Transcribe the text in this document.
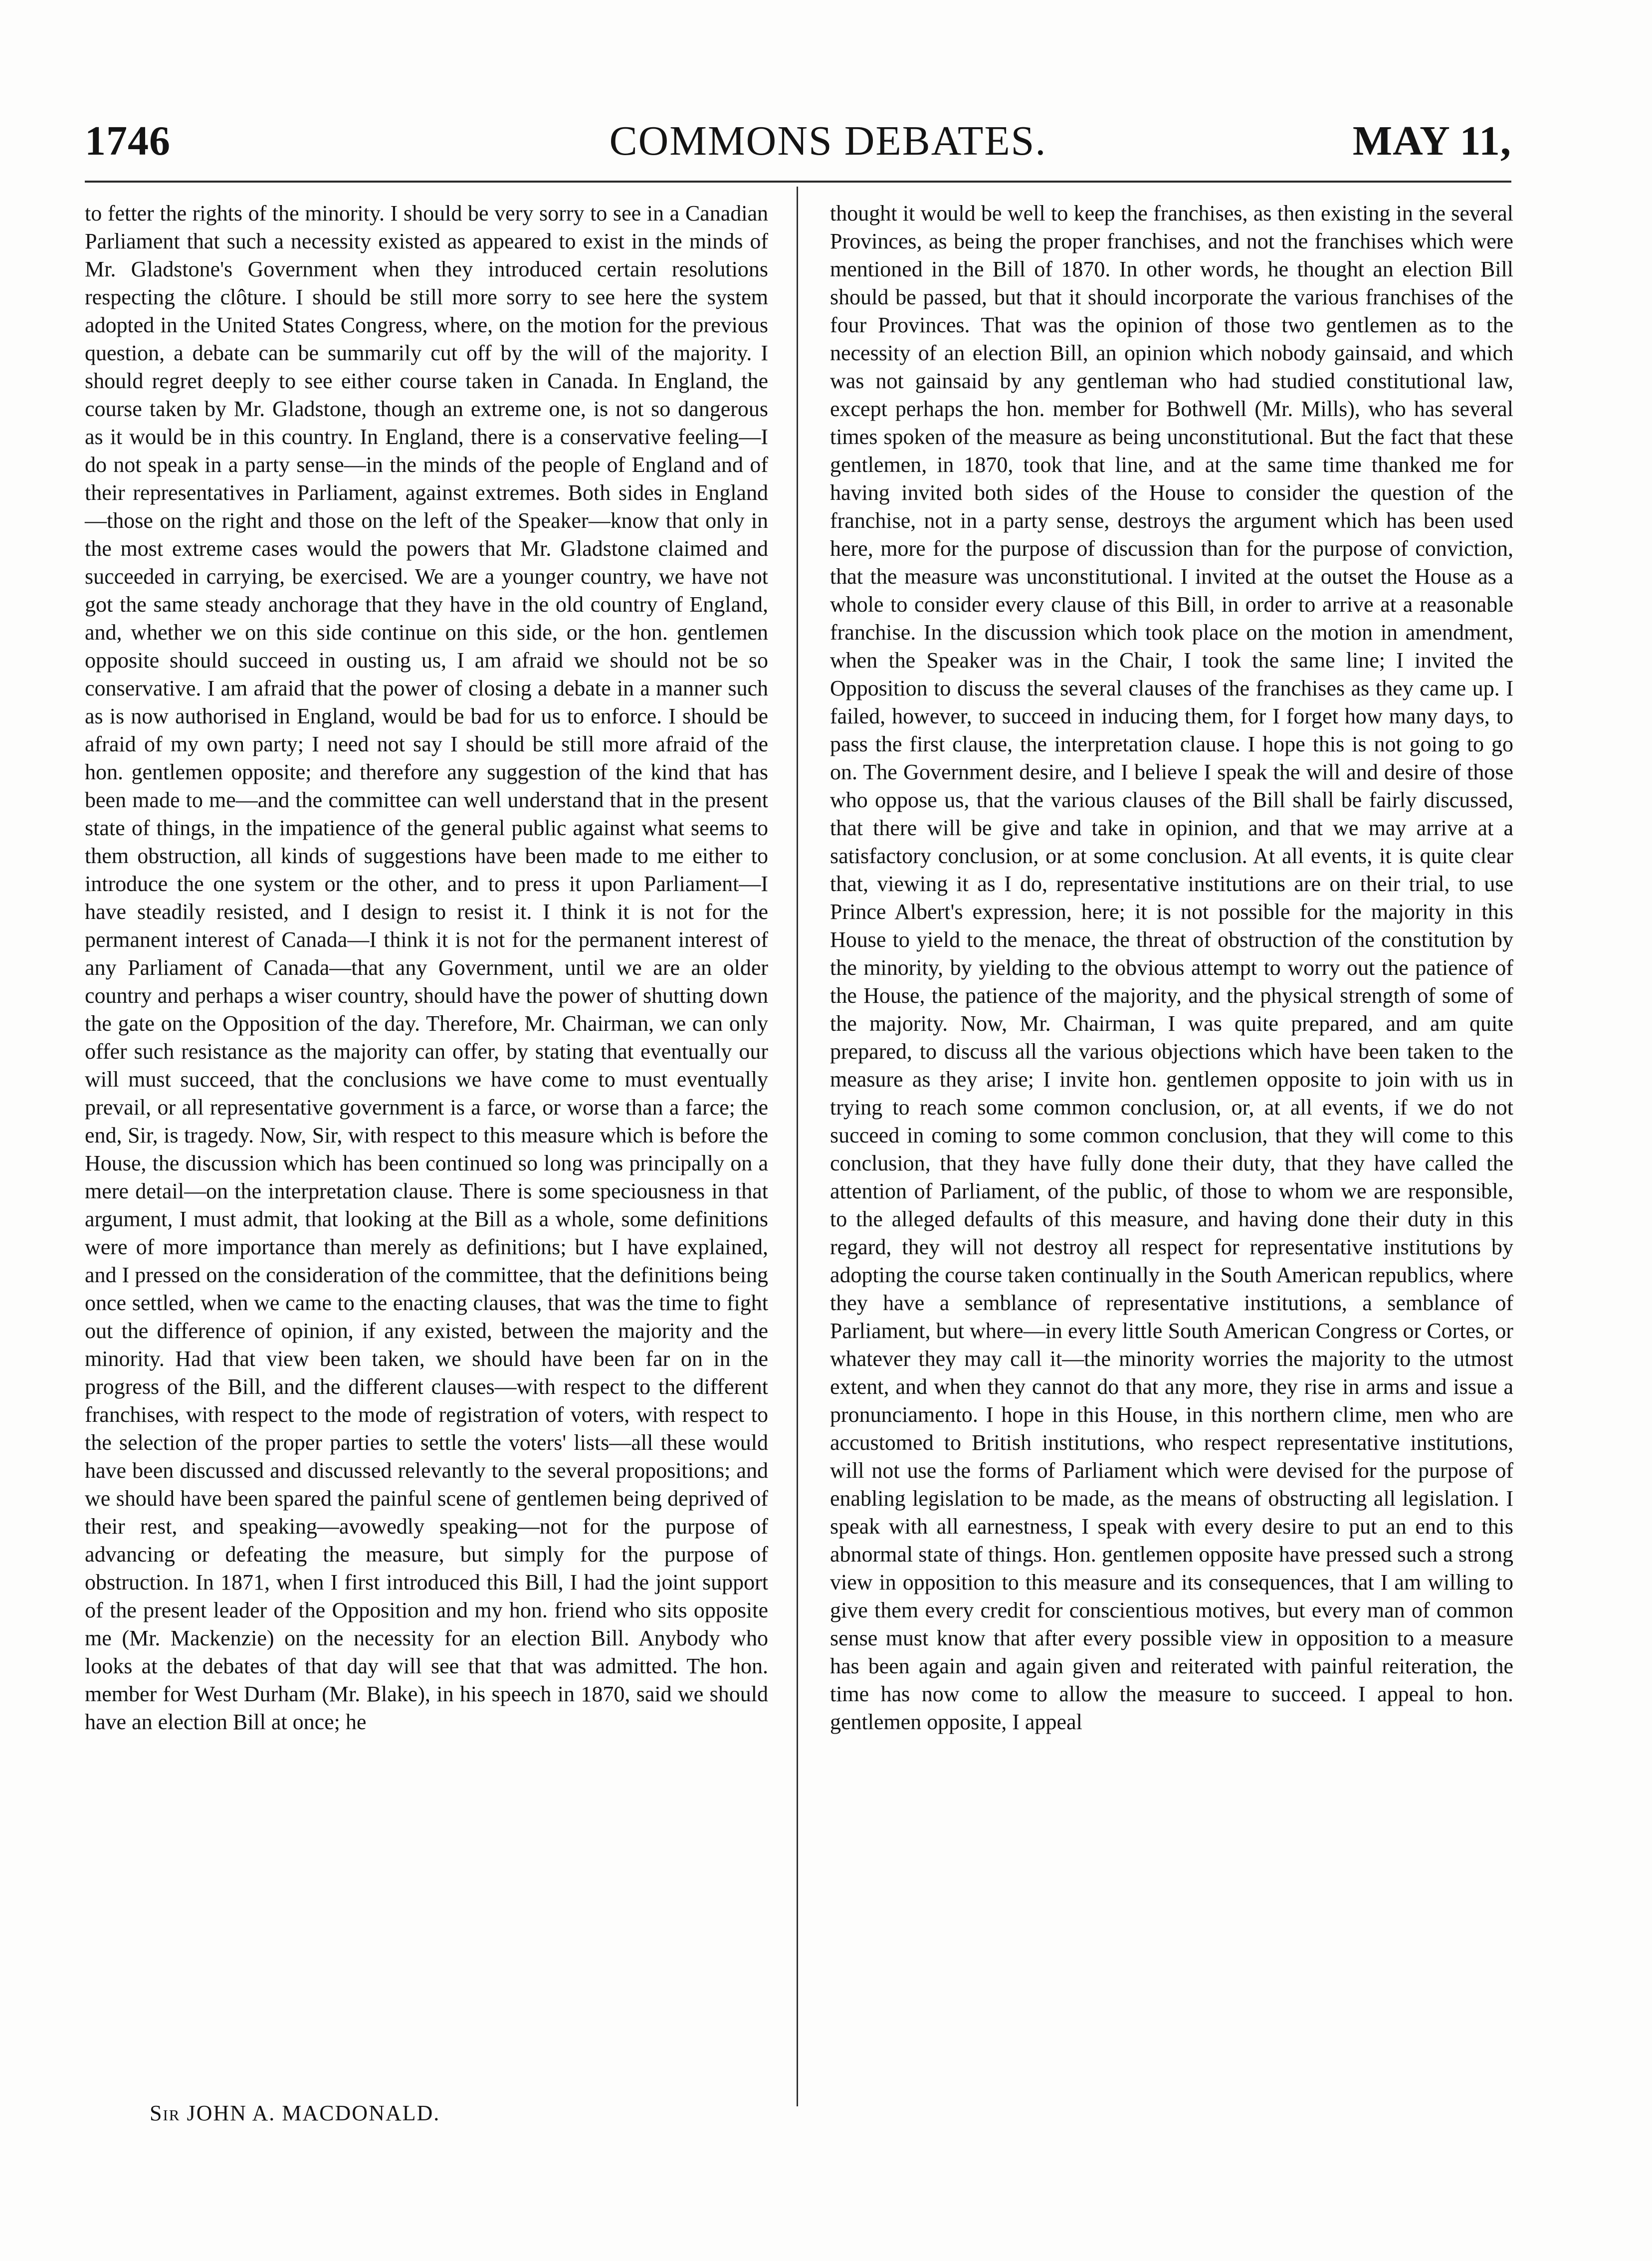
1746	COMMONS DEBATES.	MAY 11,

to fetter the rights of the minority. I should be very sorry to see in a Canadian Parliament that such a necessity existed as appeared to exist in the minds of Mr. Gladstone's Government when they introduced certain resolutions respecting the clôture. I should be still more sorry to see here the system adopted in the United States Congress, where, on the motion for the previous question, a debate can be summarily cut off by the will of the majority. I should regret deeply to see either course taken in Canada. In England, the course taken by Mr. Gladstone, though an extreme one, is not so dangerous as it would be in this country. In England, there is a conservative feeling—I do not speak in a party sense—in the minds of the people of England and of their representatives in Parliament, against extremes. Both sides in England—those on the right and those on the left of the Speaker—know that only in the most extreme cases would the powers that Mr. Gladstone claimed and succeeded in carrying, be exercised. We are a younger country, we have not got the same steady anchorage that they have in the old country of England, and, whether we on this side continue on this side, or the hon. gentlemen opposite should succeed in ousting us, I am afraid we should not be so conservative. I am afraid that the power of closing a debate in a manner such as is now authorised in England, would be bad for us to enforce. I should be afraid of my own party; I need not say I should be still more afraid of the hon. gentlemen opposite; and therefore any suggestion of the kind that has been made to me—and the committee can well understand that in the present state of things, in the impatience of the general public against what seems to them obstruction, all kinds of suggestions have been made to me either to introduce the one system or the other, and to press it upon Parliament—I have steadily resisted, and I design to resist it. I think it is not for the permanent interest of Canada—I think it is not for the permanent interest of any Parliament of Canada—that any Government, until we are an older country and perhaps a wiser country, should have the power of shutting down the gate on the Opposition of the day. Therefore, Mr. Chairman, we can only offer such resistance as the majority can offer, by stating that eventually our will must succeed, that the conclusions we have come to must eventually prevail, or all representative government is a farce, or worse than a farce; the end, Sir, is tragedy. Now, Sir, with respect to this measure which is before the House, the discussion which has been continued so long was principally on a mere detail—on the interpretation clause. There is some speciousness in that argument, I must admit, that looking at the Bill as a whole, some definitions were of more importance than merely as definitions; but I have explained, and I pressed on the consideration of the committee, that the definitions being once settled, when we came to the enacting clauses, that was the time to fight out the difference of opinion, if any existed, between the majority and the minority. Had that view been taken, we should have been far on in the progress of the Bill, and the different clauses—with respect to the different franchises, with respect to the mode of registration of voters, with respect to the selection of the proper parties to settle the voters' lists—all these would have been discussed and discussed relevantly to the several propositions; and we should have been spared the painful scene of gentlemen being deprived of their rest, and speaking—avowedly speaking—not for the purpose of advancing or defeating the measure, but simply for the purpose of obstruction. In 1871, when I first introduced this Bill, I had the joint support of the present leader of the Opposition and my hon. friend who sits opposite me (Mr. Mackenzie) on the necessity for an election Bill. Anybody who looks at the debates of that day will see that that was admitted. The hon. member for West Durham (Mr. Blake), in his speech in 1870, said we should have an election Bill at once; he

thought it would be well to keep the franchises, as then existing in the several Provinces, as being the proper franchises, and not the franchises which were mentioned in the Bill of 1870. In other words, he thought an election Bill should be passed, but that it should incorporate the various franchises of the four Provinces. That was the opinion of those two gentlemen as to the necessity of an election Bill, an opinion which nobody gainsaid, and which was not gainsaid by any gentleman who had studied constitutional law, except perhaps the hon. member for Bothwell (Mr. Mills), who has several times spoken of the measure as being unconstitutional. But the fact that these gentlemen, in 1870, took that line, and at the same time thanked me for having invited both sides of the House to consider the question of the franchise, not in a party sense, destroys the argument which has been used here, more for the purpose of discussion than for the purpose of conviction, that the measure was unconstitutional. I invited at the outset the House as a whole to consider every clause of this Bill, in order to arrive at a reasonable franchise. In the discussion which took place on the motion in amendment, when the Speaker was in the Chair, I took the same line; I invited the Opposition to discuss the several clauses of the franchises as they came up. I failed, however, to succeed in inducing them, for I forget how many days, to pass the first clause, the interpretation clause. I hope this is not going to go on. The Government desire, and I believe I speak the will and desire of those who oppose us, that the various clauses of the Bill shall be fairly discussed, that there will be give and take in opinion, and that we may arrive at a satisfactory conclusion, or at some conclusion. At all events, it is quite clear that, viewing it as I do, representative institutions are on their trial, to use Prince Albert's expression, here; it is not possible for the majority in this House to yield to the menace, the threat of obstruction of the constitution by the minority, by yielding to the obvious attempt to worry out the patience of the House, the patience of the majority, and the physical strength of some of the majority. Now, Mr. Chairman, I was quite prepared, and am quite prepared, to discuss all the various objections which have been taken to the measure as they arise; I invite hon. gentlemen opposite to join with us in trying to reach some common conclusion, or, at all events, if we do not succeed in coming to some common conclusion, that they will come to this conclusion, that they have fully done their duty, that they have called the attention of Parliament, of the public, of those to whom we are responsible, to the alleged defaults of this measure, and having done their duty in this regard, they will not destroy all respect for representative institutions by adopting the course taken continually in the South American republics, where they have a semblance of representative institutions, a semblance of Parliament, but where—in every little South American Congress or Cortes, or whatever they may call it—the minority worries the majority to the utmost extent, and when they cannot do that any more, they rise in arms and issue a pronunciamento. I hope in this House, in this northern clime, men who are accustomed to British institutions, who respect representative institutions, will not use the forms of Parliament which were devised for the purpose of enabling legislation to be made, as the means of obstructing all legislation. I speak with all earnestness, I speak with every desire to put an end to this abnormal state of things. Hon. gentlemen opposite have pressed such a strong view in opposition to this measure and its consequences, that I am willing to give them every credit for conscientious motives, but every man of common sense must know that after every possible view in opposition to a measure has been again and again given and reiterated with painful reiteration, the time has now come to allow the measure to succeed. I appeal to hon. gentlemen opposite, I appeal

Sir JOHN A. MACDONALD.
